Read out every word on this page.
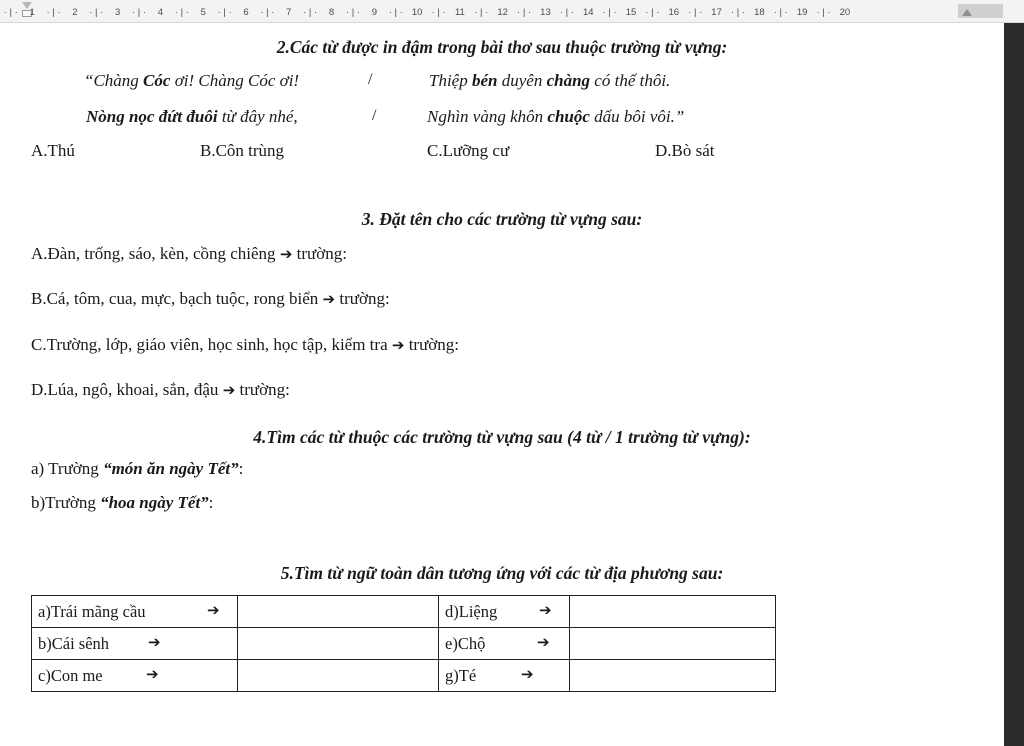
· | ·	1	· | ·	2	· | ·	3	· | ·	4	· | ·	5	· | ·	6	· | ·	7	· | ·	8	· | ·	9	· | · 10 · | · 11 · | · 12 · | · 13 · | · 14 · | · 15 · | · 16 · | · 17 · | · 18 · | · 19 · | · 20
2.Các từ được in đậm trong bài thơ sau thuộc trường từ vựng:
“Chàng Cóc ơi! Chàng Cóc ơi!	/	Thiệp bén duyên chàng có thế thôi.
Nòng nọc đứt đuôi từ đây nhé,	/	Nghìn vàng khôn chuộc dấu bôi vôi.”
A.Thú	B.Côn trùng	C.Lưỡng cư	D.Bò sát
3. Đặt tên cho các trường từ vựng sau:
A.Đàn, trống, sáo, kèn, cồng chiêng ➔ trường:
B.Cá, tôm, cua, mực, bạch tuộc, rong biển ➔ trường:
C.Trường, lớp, giáo viên, học sinh, học tập, kiểm tra ➔ trường:
D.Lúa, ngô, khoai, sắn, đậu ➔ trường:
4.Tìm các từ thuộc các trường từ vựng sau (4 từ / 1 trường từ vựng):
a) Trường “món ăn ngày Tết”:
b)Trường “hoa ngày Tết”:
5.Tìm từ ngữ toàn dân tương ứng với các từ địa phương sau:
a)Trái mãng cầu ➔		d)Liệng ➔	

b)Cái sênh ➔		e)Chộ ➔	

c)Con me ➔		g)Té ➔	
